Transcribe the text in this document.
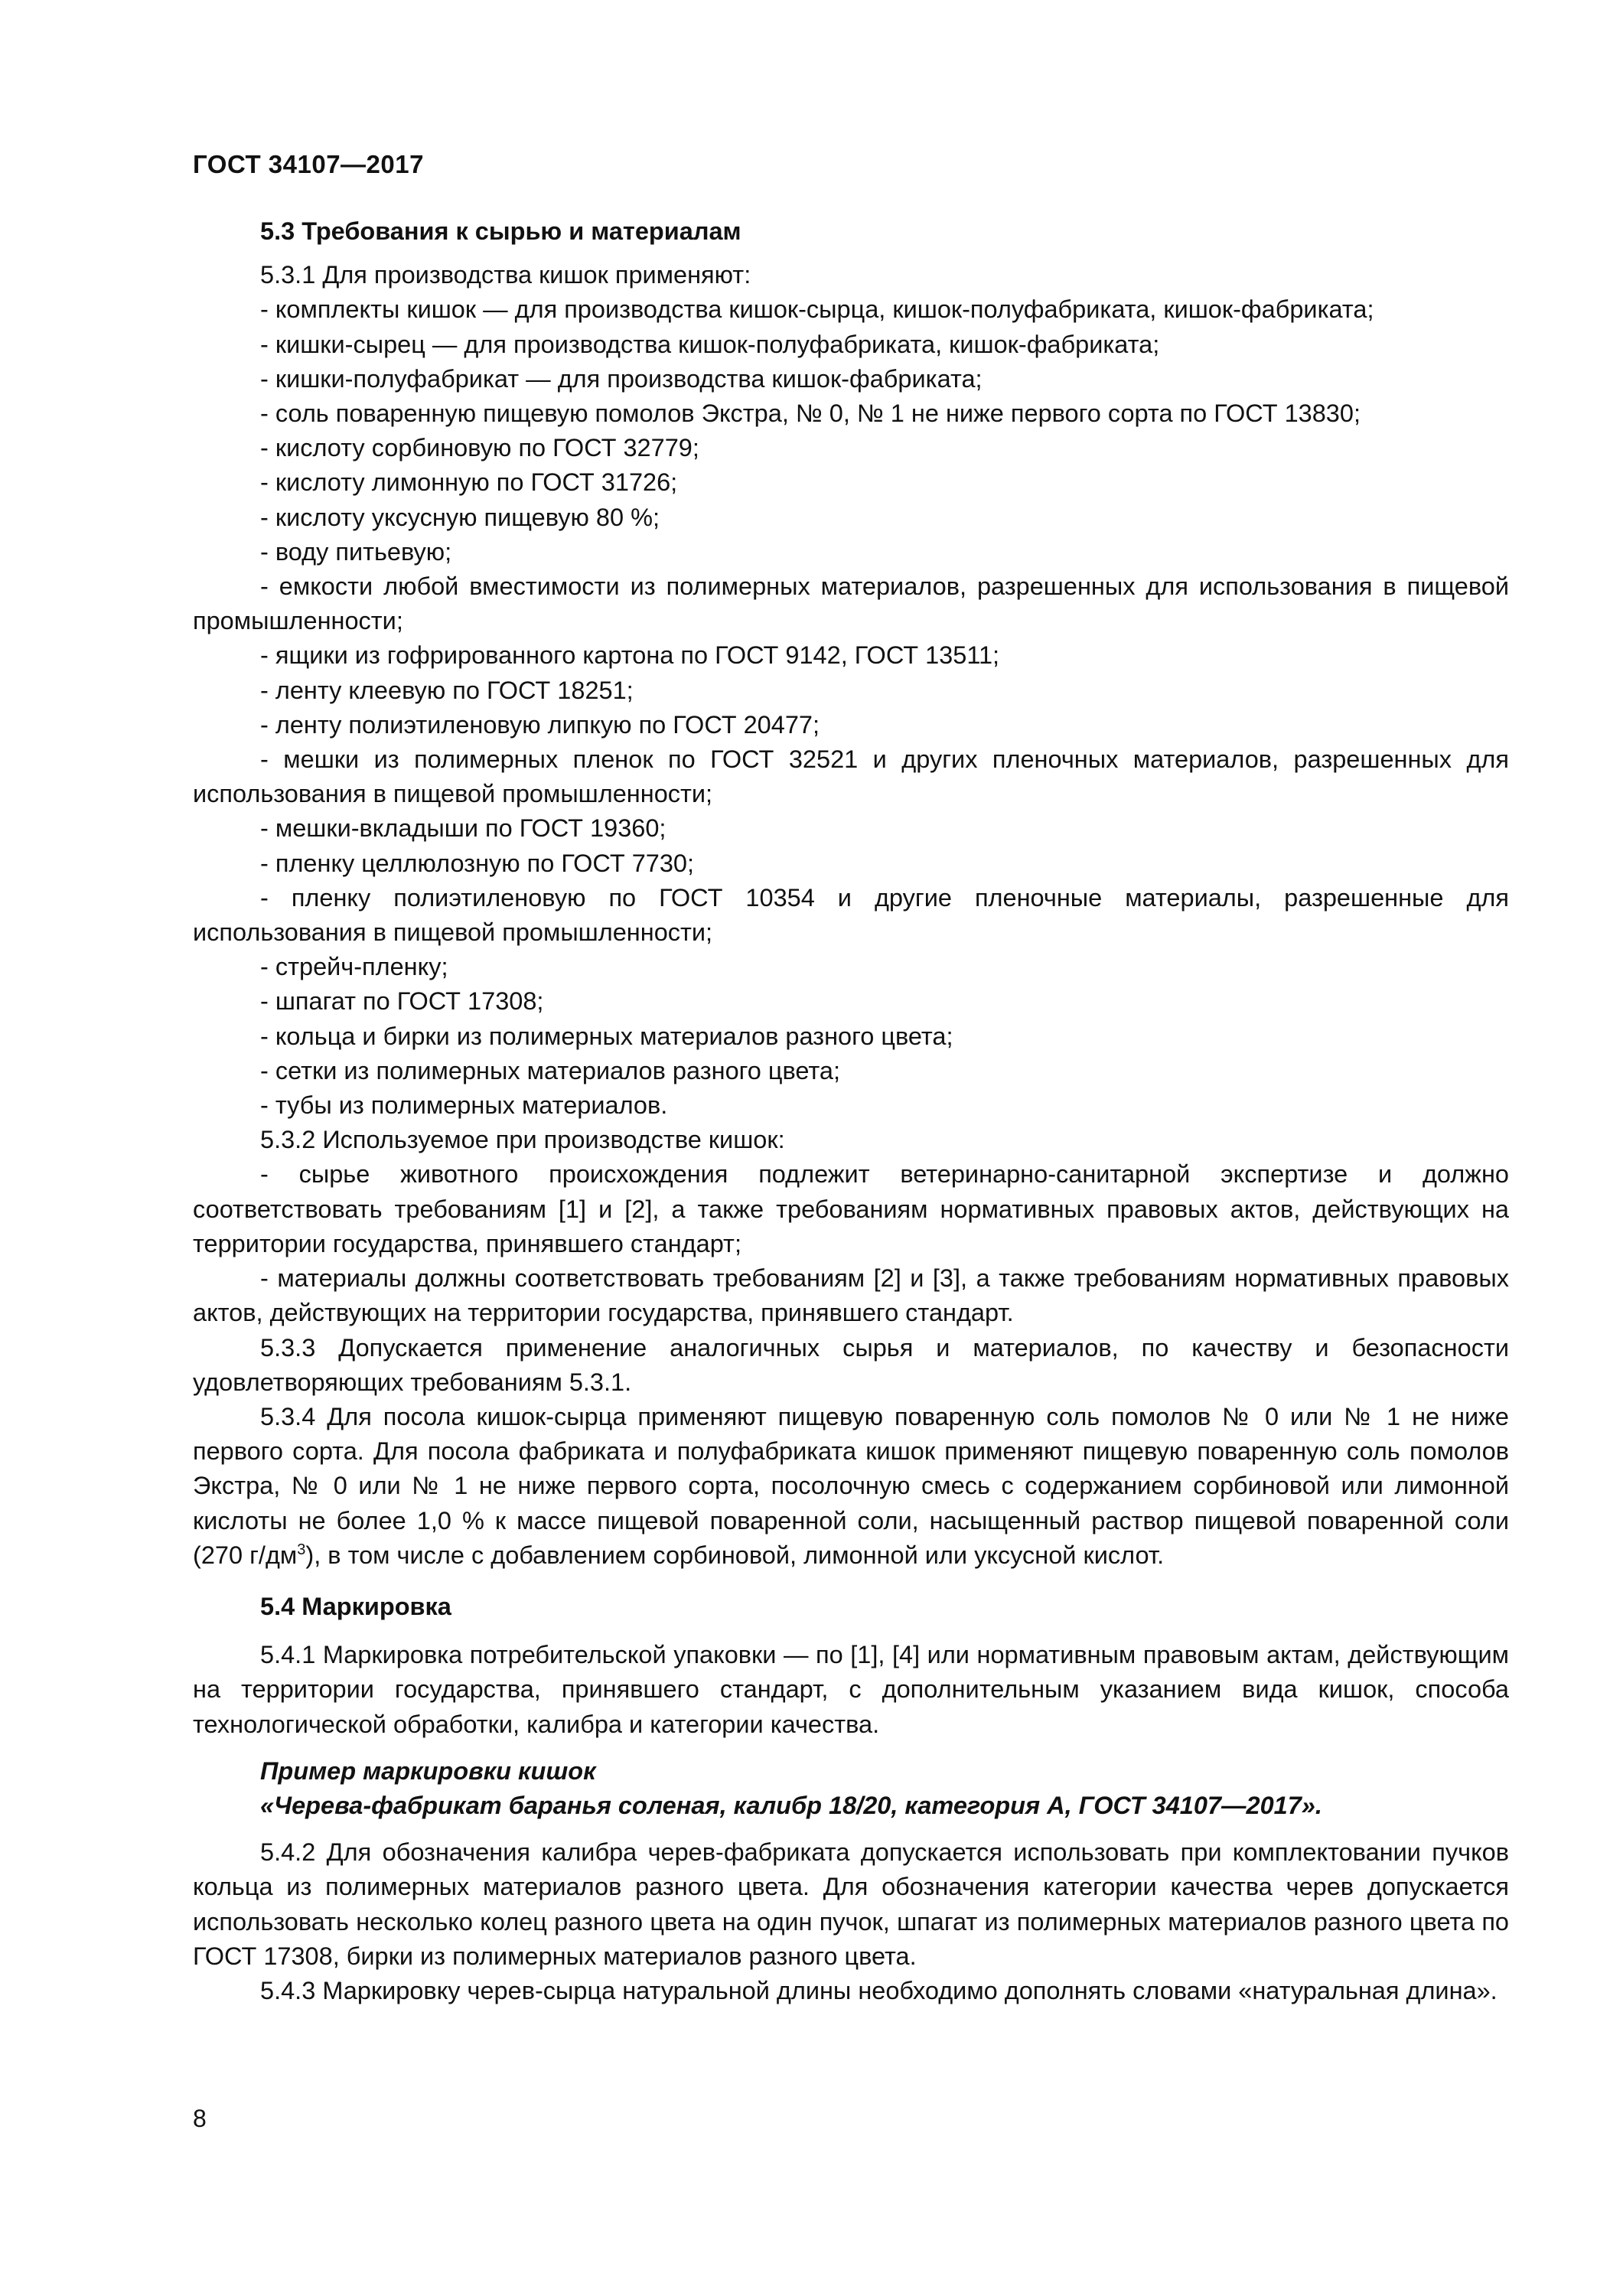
ГОСТ 34107—2017
5.3 Требования к сырью и материалам

5.3.1 Для производства кишок применяют:

- комплекты кишок — для производства кишок-сырца, кишок-полуфабриката, кишок-фабриката;

- кишки-сырец — для производства кишок-полуфабриката, кишок-фабриката;

- кишки-полуфабрикат — для производства кишок-фабриката;

- соль поваренную пищевую помолов Экстра, № 0, № 1 не ниже первого сорта по ГОСТ 13830;

- кислоту сорбиновую по ГОСТ 32779;

- кислоту лимонную по ГОСТ 31726;

- кислоту уксусную пищевую 80 %;

- воду питьевую;

- емкости любой вместимости из полимерных материалов, разрешенных для использования в пищевой промышленности;

- ящики из гофрированного картона по ГОСТ 9142, ГОСТ 13511;

- ленту клеевую по ГОСТ 18251;

- ленту полиэтиленовую липкую по ГОСТ 20477;

- мешки из полимерных пленок по ГОСТ 32521 и других пленочных материалов, разрешенных для использования в пищевой промышленности;

- мешки-вкладыши по ГОСТ 19360;

- пленку целлюлозную по ГОСТ 7730;

- пленку полиэтиленовую по ГОСТ 10354 и другие пленочные материалы, разрешенные для использования в пищевой промышленности;

- стрейч-пленку;

- шпагат по ГОСТ 17308;

- кольца и бирки из полимерных материалов разного цвета;

- сетки из полимерных материалов разного цвета;

- тубы из полимерных материалов.

5.3.2 Используемое при производстве кишок:

- сырье животного происхождения подлежит ветеринарно-санитарной экспертизе и должно соответствовать требованиям [1] и [2], а также требованиям нормативных правовых актов, действующих на территории государства, принявшего стандарт;

- материалы должны соответствовать требованиям [2] и [3], а также требованиям нормативных правовых актов, действующих на территории государства, принявшего стандарт.

5.3.3 Допускается применение аналогичных сырья и материалов, по качеству и безопасности удовлетворяющих требованиям 5.3.1.

5.3.4 Для посола кишок-сырца применяют пищевую поваренную соль помолов № 0 или № 1 не ниже первого сорта. Для посола фабриката и полуфабриката кишок применяют пищевую поваренную соль помолов Экстра, № 0 или № 1 не ниже первого сорта, посолочную смесь с содержанием сорбиновой или лимонной кислоты не более 1,0 % к массе пищевой поваренной соли, насыщенный раствор пищевой поваренной соли (270 $г/дм^3$), в том числе с добавлением сорбиновой, лимонной или уксусной кислот.

5.4 Маркировка

5.4.1 Маркировка потребительской упаковки — по [1], [4] или нормативным правовым актам, действующим на территории государства, принявшего стандарт, с дополнительным указанием вида кишок, способа технологической обработки, калибра и категории качества.

Пример маркировки кишок
«Черева-фабрикат баранья соленая, калибр 18/20, категория А, ГОСТ 34107—2017».

5.4.2 Для обозначения калибра черев-фабриката допускается использовать при комплектовании пучков кольца из полимерных материалов разного цвета. Для обозначения категории качества черев допускается использовать несколько колец разного цвета на один пучок, шпагат из полимерных материалов разного цвета по ГОСТ 17308, бирки из полимерных материалов разного цвета.

5.4.3 Маркировку черев-сырца натуральной длины необходимо дополнять словами «натуральная длина».

8
